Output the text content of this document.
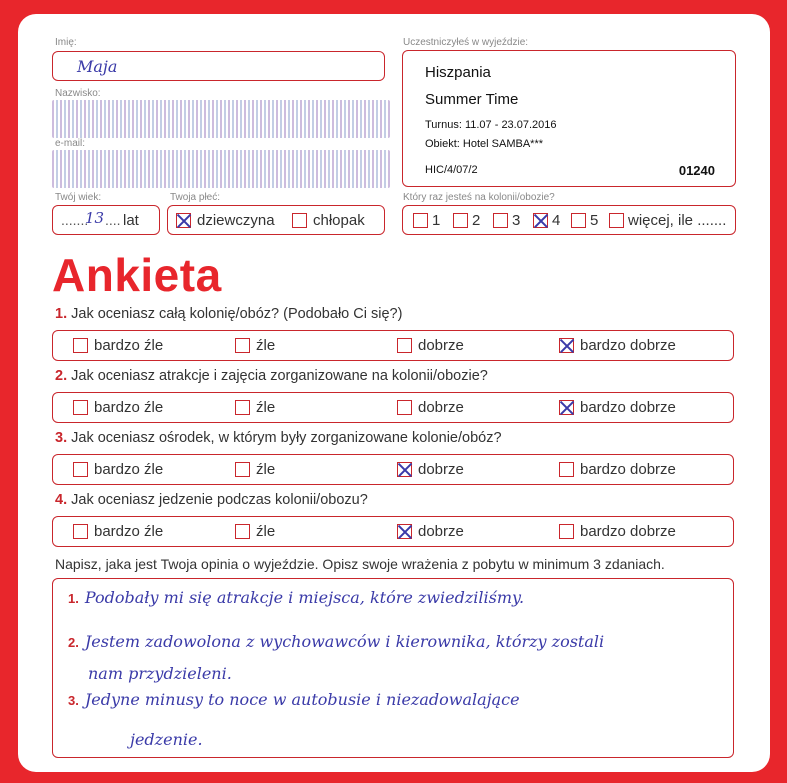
Imię:
Maja
Nazwisko:
e-mail:
Twój wiek:
.......
13 .... lat
Twoja płeć:
dziewczyna	chłopak
Uczestniczyłeś w wyjeździe:
Hiszpania
Summer Time
Turnus: 11.07 - 23.07.2016
Obiekt: Hotel SAMBA***
HIC/4/07/2	01240
Który raz jesteś na kolonii/obozie?
1 2 3 4 5 więcej, ile .......
Ankieta
1. Jak oceniasz całą kolonię/obóz? (Podobało Ci się?)
bardzo źle	źle	dobrze	bardzo dobrze
2. Jak oceniasz atrakcje i zajęcia zorganizowane na kolonii/obozie?
bardzo źle	źle	dobrze	bardzo dobrze
3. Jak oceniasz ośrodek, w którym były zorganizowane kolonie/obóz?
bardzo źle	źle	dobrze	bardzo dobrze
4. Jak oceniasz jedzenie podczas kolonii/obozu?
bardzo źle	źle	dobrze	bardzo dobrze
Napisz, jaka jest Twoja opinia o wyjeździe. Opisz swoje wrażenia z pobytu w minimum 3 zdaniach.
1. Podobały mi się atrakcje i miejsca, które zwiedziliśmy.
2. Jestem zadowolona z wychowawców i kierownika, którzy zostali
nam przydzieleni.
3. Jedyne minusy to noce w autobusie i niezadowalające
jedzenie.
